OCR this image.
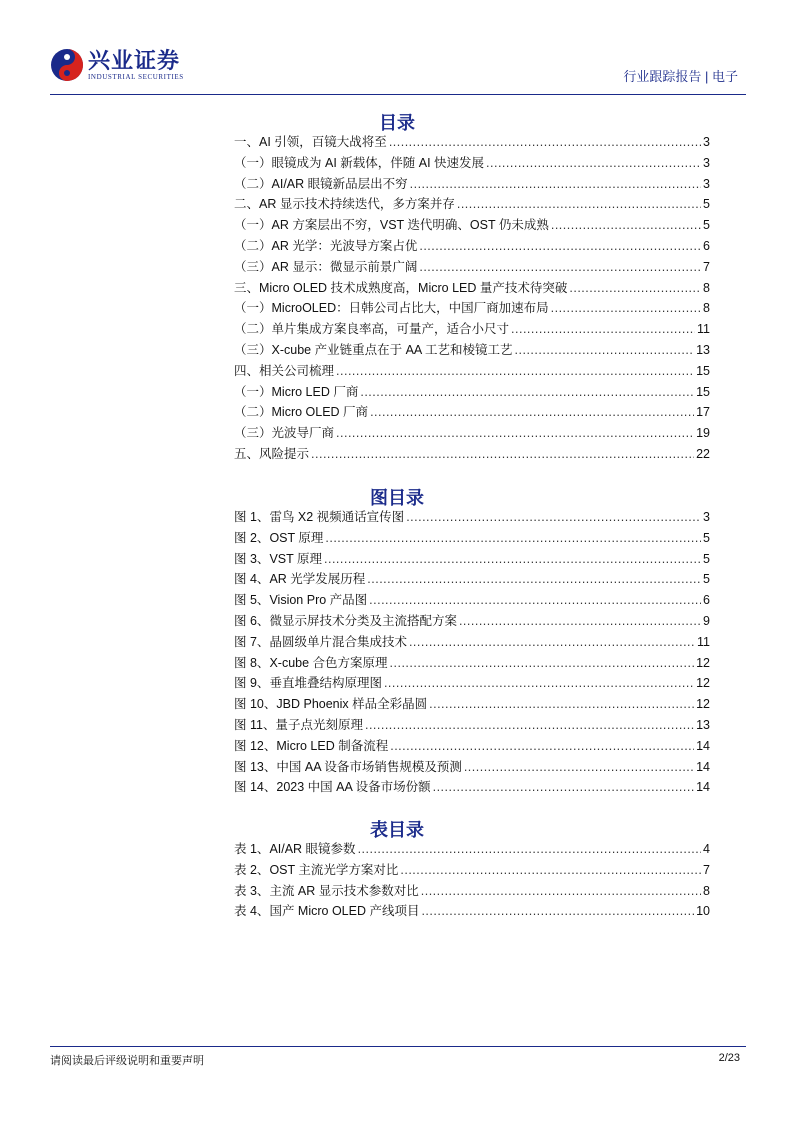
兴业证券
INDUSTRIAL SECURITIES	行业跟踪报告 | 电子
目录
一、 AI 引领，百镜大战将至 .....	3
（一） 眼镜成为 AI 新载体，伴随 AI 快速发展 .....	3
（二） AI/AR 眼镜新品层出不穷 .....	3
二、 AR 显示技术持续迭代，多方案并存 .....	5
（一） AR 方案层出不穷，VST 迭代明确、OST 仍未成熟 .....	5
（二） AR 光学：光波导方案占优 .....	6
（三） AR 显示：微显示前景广阔 .....	7
三、 Micro OLED 技术成熟度高，Micro LED 量产技术待突破 .....	8
（一） MicroOLED：日韩公司占比大，中国厂商加速布局 .....	8
（二） 单片集成方案良率高，可量产，适合小尺寸 .....	11
（三） X-cube 产业链重点在于 AA 工艺和棱镜工艺 .....	13
四、 相关公司梳理 .....	15
（一） Micro LED 厂商 .....	15
（二） Micro OLED 厂商 .....	17
（三） 光波导厂商 .....	19
五、 风险提示 .....	22
图目录
图 1、 雷鸟 X2 视频通话宣传图 .....	3
图 2、 OST 原理 .....	5
图 3、 VST 原理 .....	5
图 4、 AR 光学发展历程 .....	5
图 5、 Vision Pro 产品图 .....	6
图 6、 微显示屏技术分类及主流搭配方案 .....	9
图 7、 晶圆级单片混合集成技术 .....	11
图 8、 X-cube 合色方案原理 .....	12
图 9、 垂直堆叠结构原理图 .....	12
图 10、 JBD Phoenix 样品全彩晶圆 .....	12
图 11、 量子点光刻原理 .....	13
图 12、 Micro LED 制备流程 .....	14
图 13、 中国 AA 设备市场销售规模及预测 .....	14
图 14、 2023 中国 AA 设备市场份额 .....	14
表目录
表 1、 AI/AR 眼镜参数 .....	4
表 2、 OST 主流光学方案对比 .....	7
表 3、 主流 AR 显示技术参数对比 .....	8
表 4、 国产 Micro OLED 产线项目 .....	10
请阅读最后评级说明和重要声明	2/23
